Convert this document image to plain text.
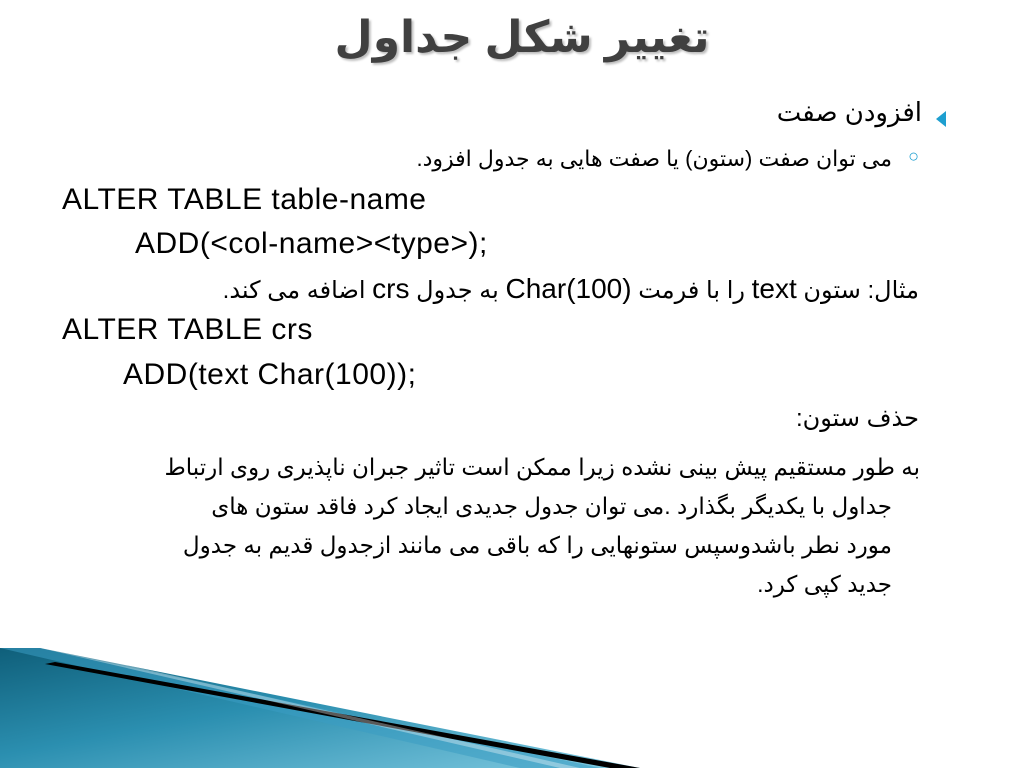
تغییر شکل جداول
افزودن صفت
○
می توان صفت (ستون) یا صفت هایی به جدول افزود.
ALTER TABLE table-name
ADD(<col-name><type>);
مثال: ستون text را با فرمت Char(100) به جدول crs اضافه می کند.
ALTER TABLE crs
ADD(text Char(100));
حذف ستون:
به طور مستقیم پیش بینی نشده زیرا ممکن است تاثیر جبران ناپذیری روی ارتباط
جداول با یکدیگر بگذارد .می توان جدول جدیدی ایجاد کرد فاقد ستون های
مورد نطر باشدوسپس ستونهایی را که باقی می مانند ازجدول قدیم به جدول
جدید کپی کرد.
